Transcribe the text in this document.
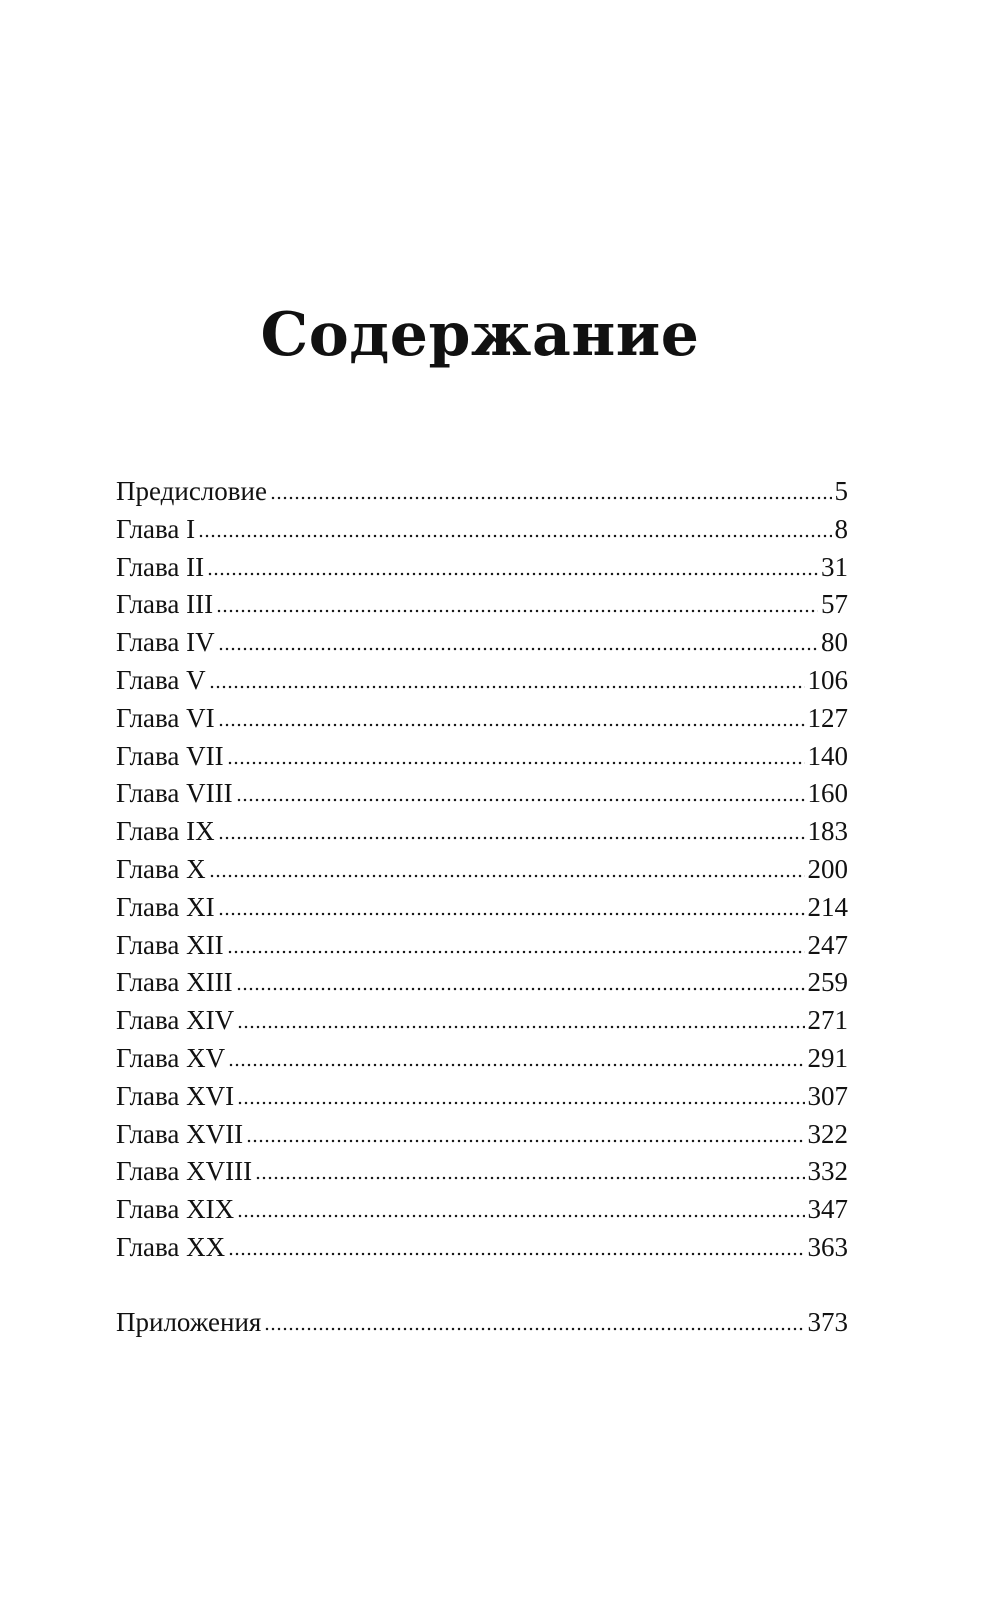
Содержание
Предисловие	5
Глава I	8
Глава II	31
Глава III	57
Глава IV	80
Глава V	106
Глава VI	127
Глава VII	140
Глава VIII	160
Глава IX	183
Глава X	200
Глава XI	214
Глава XII	247
Глава XIII	259
Глава XIV	271
Глава XV	291
Глава XVI	307
Глава XVII	322
Глава XVIII	332
Глава XIX	347
Глава XX	363
Приложения	373
